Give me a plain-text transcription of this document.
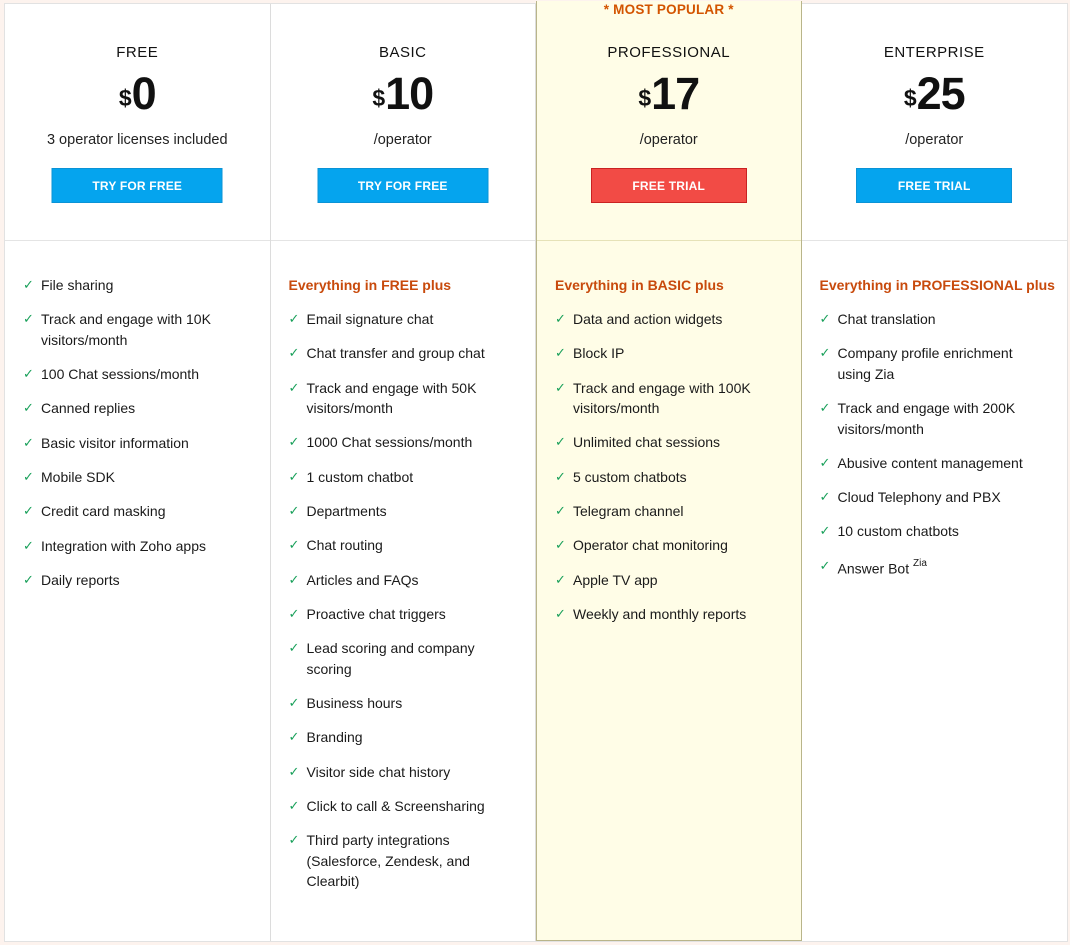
FREE
$0
3 operator licenses included
TRY FOR FREE
✓ File sharing
✓ Track and engage with 10K visitors/month
✓ 100 Chat sessions/month
✓ Canned replies
✓ Basic visitor information
✓ Mobile SDK
✓ Credit card masking
✓ Integration with Zoho apps
✓ Daily reports
BASIC
$10
/operator
TRY FOR FREE
Everything in FREE plus
✓ Email signature chat
✓ Chat transfer and group chat
✓ Track and engage with 50K visitors/month
✓ 1000 Chat sessions/month
✓ 1 custom chatbot
✓ Departments
✓ Chat routing
✓ Articles and FAQs
✓ Proactive chat triggers
✓ Lead scoring and company scoring
✓ Business hours
✓ Branding
✓ Visitor side chat history
✓ Click to call & Screensharing
✓ Third party integrations (Salesforce, Zendesk, and Clearbit)
* MOST POPULAR *
PROFESSIONAL
$17
/operator
FREE TRIAL
Everything in BASIC plus
✓ Data and action widgets
✓ Block IP
✓ Track and engage with 100K visitors/month
✓ Unlimited chat sessions
✓ 5 custom chatbots
✓ Telegram channel
✓ Operator chat monitoring
✓ Apple TV app
✓ Weekly and monthly reports
ENTERPRISE
$25
/operator
FREE TRIAL
Everything in PROFESSIONAL plus
✓ Chat translation
✓ Company profile enrichment using Zia
✓ Track and engage with 200K visitors/month
✓ Abusive content management
✓ Cloud Telephony and PBX
✓ 10 custom chatbots
✓ Answer Bot $^{Zia}$
